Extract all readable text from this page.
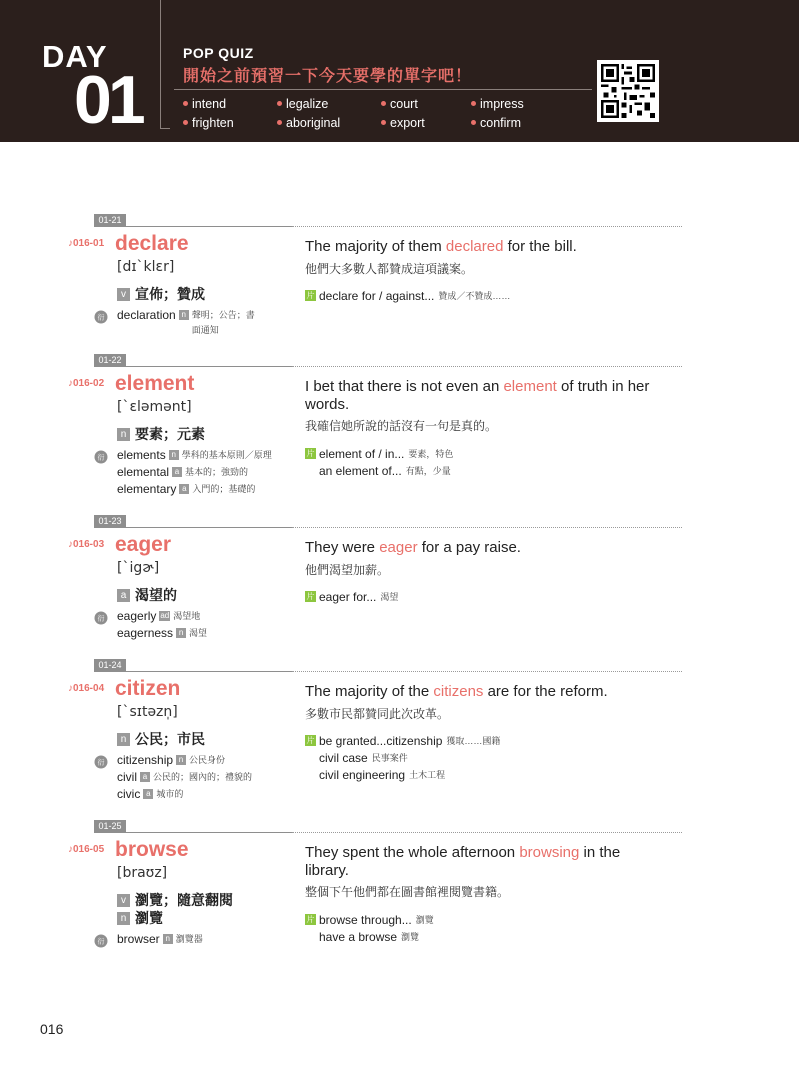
DAY
01
POP QUIZ
開始之前預習一下今天要學的單字吧！
intend	legalize	court	impress
frighten	aboriginal	export	confirm
01-21
♪016-01 declare
[dɪˋklɛr]
v 宣佈；贊成
衍 declaration n 聲明；公告；書面通知
The majority of them declared for the bill.
他們大多數人都贊成這項議案。
片 declare for / against... 贊成／不贊成……
01-22
♪016-02 element
[ˋɛləmənt]
n 要素；元素
衍 elements n 學科的基本原則／原理
elemental a 基本的；強勁的
elementary a 入門的；基礎的
I bet that there is not even an element of truth in her words.
我確信她所說的話沒有一句是真的。
片 element of / in... 要素，特色
an element of... 有點，少量
01-23
♪016-03 eager
[ˋigɚ]
a 渴望的
衍 eagerly ad 渴望地
eagerness n 渴望
They were eager for a pay raise.
他們渴望加薪。
片 eager for... 渴望
01-24
♪016-04 citizen
[ˋsɪtəzn̩]
n 公民；市民
衍 citizenship n 公民身份
civil a 公民的；國內的；禮貌的
civic a 城市的
The majority of the citizens are for the reform.
多數市民都贊同此次改革。
片 be granted...citizenship 獲取……國籍
civil case 民事案件
civil engineering 土木工程
01-25
♪016-05 browse
[braʊz]
v 瀏覽；隨意翻閱
n 瀏覽
衍 browser n 瀏覽器
They spent the whole afternoon browsing in the library.
整個下午他們都在圖書館裡閱覽書籍。
片 browse through... 瀏覽
have a browse 瀏覽
016
